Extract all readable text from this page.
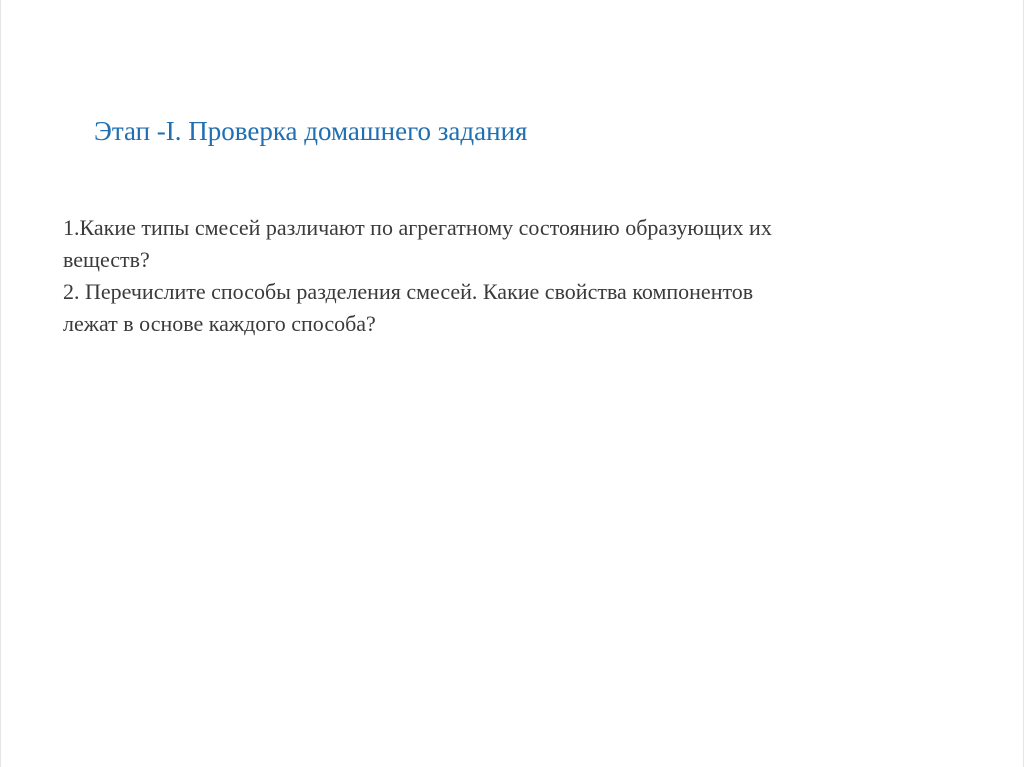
Этап -I. Проверка домашнего задания
1.Какие типы смесей различают по агрегатному состоянию образующих их
веществ?
2. Перечислите способы разделения смесей. Какие свойства компонентов
лежат в основе каждого способа?
